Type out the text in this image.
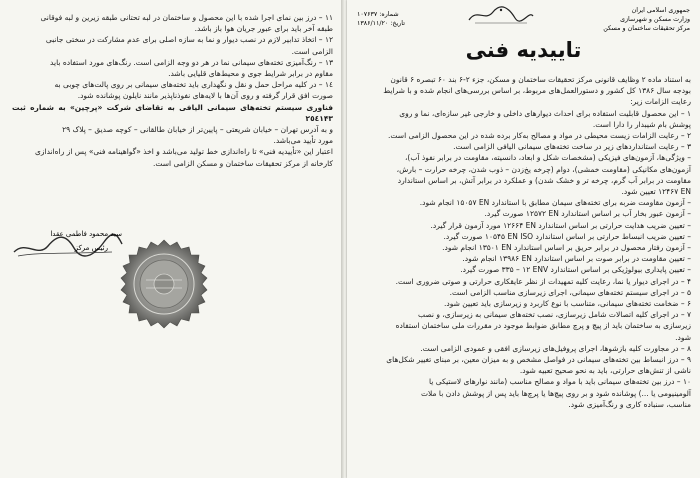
١١ – درز بین نمای اجرا شده با این محصول و ساختمان در لبه تحتانی طبقه زیرین و لبه فوقانی

طبقه آخر باید برای عبور جریان هوا باز باشد.

١٢ – اتخاذ تدابیر لازم در نصب دیوار و نما به سازه اصلی برای عدم مشارکت در سختی جانبی

الزامی است.

١٣ – رنگ‌آمیزی تخته‌های سیمانی نما در هر دو وجه الزامی است. رنگ‌های مورد استفاده باید

مقاوم در برابر شرایط جوی و محیط‌های قلیایی باشد.

١٤ – در کلیه مراحل حمل و نقل و نگهداری باید تخته‌های سیمانی بر روی پالت‌های چوبی به

صورت افق قرار گرفته و روی آن‌ها با لایه‌های نفوذناپذیر مانند نایلون پوشانده شود.

فناوری سیستم تخته‌های سیمانی الیافی به تقاضای شرکت «پرچین» به شماره ثبت ٢٥٤١۴٣

و به آدرس تهران – خیابان شریعتی – پایین‌تر از خیابان طالقانی – کوچه صدیق – پلاک ٢٩

مورد تأیید می‌باشد.

اعتبار این «تأییدیه فنی» تا راه‌اندازی خط تولید می‌باشد و اخذ «گواهینامه فنی» پس از راه‌اندازی

کارخانه از مرکز تحقیقات ساختمان و مسکن الزامی است.

سید محمود فاطمی عقدا
رئیس مرکز

جمهوری اسلامی ایران

وزارت مسکن و شهرسازی

مرکز تحقیقات ساختمان و مسکن

شماره: ١٠٧۶٣٧

تاریخ: ١٣٨۶/١١/٢٠

تاییدیه فنی

به استناد ماده ۲ وظایف قانونی مرکز تحقیقات ساختمان و مسکن، جزء ۲-۶ بند ۶۰ تبصره ۶ قانون

بودجه سال ١٣٨۶ کل کشور و دستورالعمل‌های مربوط، بر اساس بررسی‌های انجام شده و با شرایط

رعایت الزامات زیر:

۱ – این محصول قابلیت استفاده برای احداث دیوارهای داخلی و خارجی غیر سازه‌ای، نما و روی

پوشش بام شیبدار را دارا است.

۲ – رعایت الزامات زیست محیطی در مواد و مصالح به‌کار برده شده در این محصول الزامی است.

۳ – رعایت استانداردهای زیر در ساخت تخته‌های سیمانی الیافی الزامی است.

– ویژگی‌ها، آزمون‌های فیزیکی (مشخصات شکل و ابعاد، دانسیته، مقاومت در برابر نفوذ آب)،

آزمون‌های مکانیکی (مقاومت خمشی)، دوام (چرخه یخ‌زدن – ذوب شدن، چرخه حرارت – بارش،

مقاومت در برابر آب گرم، چرخه تر و خشک شدن) و عملکرد در برابر آتش، بر اساس استاندارد

EN ١٢۴۶٧ تعیین شود.

– آزمون مقاومت ضربه برای تخته‌های سیمان مطابق با استاندارد EN ١۵٠۵٧ انجام شود.

– آزمون عبور بخار آب بر اساس استاندارد EN ١٢۵٧٢ صورت گیرد.

– تعیین ضریب هدایت حرارتی بر اساس استاندارد EN ١٢۶۶۴ مورد آزمون قرار گیرد.

– تعیین ضریب انبساط حرارتی بر اساس استاندارد EN ISO ١٠۵۴۵ صورت گیرد.

– آزمون رفتار محصول در برابر حریق بر اساس استاندارد EN ١٣۵٠١ انجام شود.

– تعیین مقاومت در برابر صوت بر اساس استاندارد EN ١٣٩٨۶ انجام شود.

– تعیین پایداری بیولوژیکی بر اساس استاندارد ENV ١٢ – ٣٣۵ صورت گیرد.

۴ – در اجرای دیوار یا نما، رعایت کلیه تمهیدات از نظر عایقکاری حرارتی و صوتی ضروری است.

۵ – در اجرای سیستم تخته‌های سیمانی، اجرای زیرسازی مناسب الزامی است.

۶ – ضخامت تخته‌های سیمانی، متناسب با نوع کاربرد و زیرسازی باید تعیین شود.

۷ – در اجرای کلیه اتصالات شامل زیرسازی، نصب تخته‌های سیمانی به زیرسازی، و نصب

زیرسازی به ساختمان باید از پیچ و پرچ مطابق ضوابط موجود در مقررات ملی ساختمان استفاده

شود.

۸ – در مجاورت کلیه بازشوها، اجرای پروفیل‌های زیرسازی افقی و عمودی الزامی است.

۹ – درز انبساط بین تخته‌های سیمانی در فواصل مشخص و به میزان معین، بر مبنای تغییر شکل‌های

ناشی از تنش‌های حرارتی، باید به نحو صحیح تعبیه شود.

۱۰ – درز بین تخته‌های سیمانی باید با مواد و مصالح مناسب (مانند نوارهای لاستیکی یا

آلومینیومی یا ...) پوشانده شود و بر روی پیچ‌ها یا پرچ‌ها باید پس از پوشش دادن با ملات

مناسب، سنباده کاری و رنگ‌آمیزی شود.
